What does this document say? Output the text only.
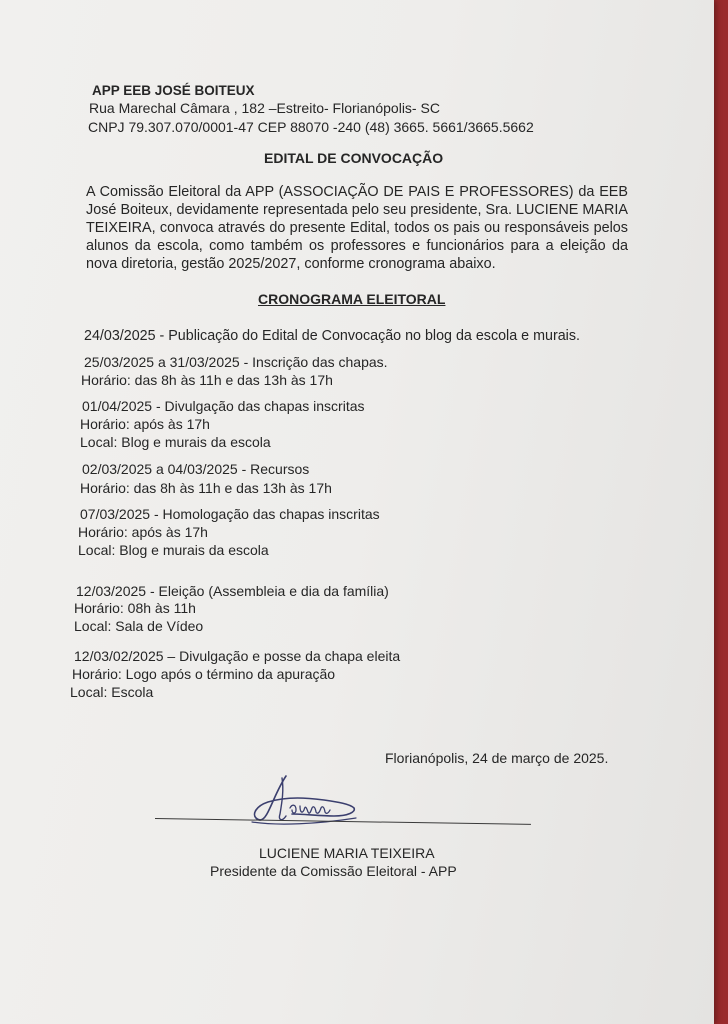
APP EEB JOSÉ BOITEUX
Rua Marechal Câmara , 182 –Estreito- Florianópolis- SC
CNPJ 79.307.070/0001-47 CEP 88070 -240 (48) 3665. 5661/3665.5662
EDITAL DE CONVOCAÇÃO
A Comissão Eleitoral da APP (ASSOCIAÇÃO DE PAIS E PROFESSORES) da EEB José Boiteux, devidamente representada pelo seu presidente, Sra. LUCIENE MARIA TEIXEIRA, convoca através do presente Edital, todos os pais ou responsáveis pelos alunos da escola, como também os professores e funcionários para a eleição da nova diretoria, gestão 2025/2027, conforme cronograma abaixo.
CRONOGRAMA ELEITORAL
24/03/2025 - Publicação do Edital de Convocação no blog da escola e murais.
25/03/2025 a 31/03/2025 - Inscrição das chapas.
Horário: das 8h às 11h e das 13h às 17h
01/04/2025 - Divulgação das chapas inscritas
Horário: após às 17h
Local: Blog e murais da escola
02/03/2025 a 04/03/2025 - Recursos
Horário: das 8h às 11h e das 13h às 17h
07/03/2025 - Homologação das chapas inscritas
Horário: após às 17h
Local: Blog e murais da escola
12/03/2025 - Eleição (Assembleia e dia da família)
Horário: 08h às 11h
Local: Sala de Vídeo
12/03/02/2025 – Divulgação e posse da chapa eleita
Horário: Logo após o término da apuração
Local: Escola
Florianópolis, 24 de março de 2025.
LUCIENE MARIA TEIXEIRA
Presidente da Comissão Eleitoral - APP
